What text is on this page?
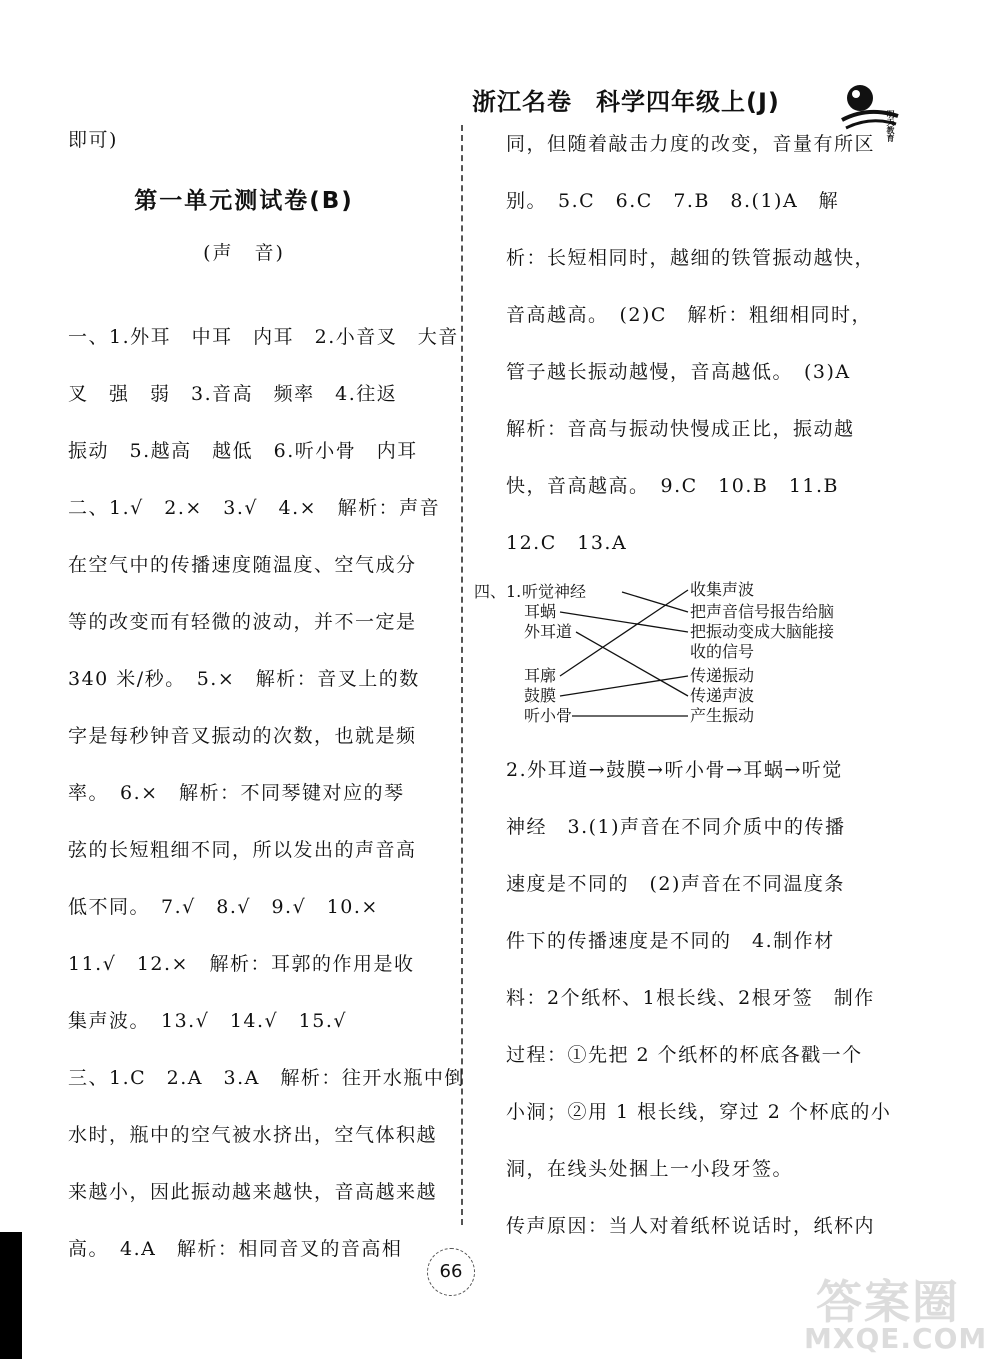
浙江名卷 科学四年级上(J)
明天教育
即可)
第一单元测试卷(B)
(声　音)
一、1.外耳　中耳　内耳　2.小音叉　大音
叉　强　弱　3.音高　频率　4.往返
振动　5.越高　越低　6.听小骨　内耳
二、1.√　2.×　3.√　4.×　解析：声音
在空气中的传播速度随温度、空气成分
等的改变而有轻微的波动，并不一定是
340 米/秒。　5.×　解析：音叉上的数
字是每秒钟音叉振动的次数，也就是频
率。　6.×　解析：不同琴键对应的琴
弦的长短粗细不同，所以发出的声音高
低不同。　7.√　8.√　9.√　10.×
11.√　12.×　解析：耳郭的作用是收
集声波。　13.√　14.√　15.√
三、1.C　2.A　3.A　解析：往开水瓶中倒
水时，瓶中的空气被水挤出，空气体积越
来越小，因此振动越来越快，音高越来越
高。　4.A　解析：相同音叉的音高相
同，但随着敲击力度的改变，音量有所区
别。　5.C　6.C　7.B　8.(1)A　解
析：长短相同时，越细的铁管振动越快，
音高越高。　(2)C　解析：粗细相同时，
管子越长振动越慢，音高越低。　(3)A
解析：音高与振动快慢成正比，振动越
快，音高越高。　9.C　10.B　11.B
12.C　13.A
四、1. 听觉神经
耳蜗
外耳道
耳廓
鼓膜
听小骨
收集声波
把声音信号报告给脑
把振动变成大脑能接
收的信号
传递振动
传递声波
产生振动
2.外耳道→鼓膜→听小骨→耳蜗→听觉
神经　3.(1)声音在不同介质中的传播
速度是不同的　(2)声音在不同温度条
件下的传播速度是不同的　4.制作材
料：2个纸杯、1根长线、2根牙签　制作
过程：①先把 2 个纸杯的杯底各戳一个
小洞；②用 1 根长线，穿过 2 个杯底的小
洞，在线头处捆上一小段牙签。
传声原因：当人对着纸杯说话时，纸杯内
66
答案圈
MXQE.COM
